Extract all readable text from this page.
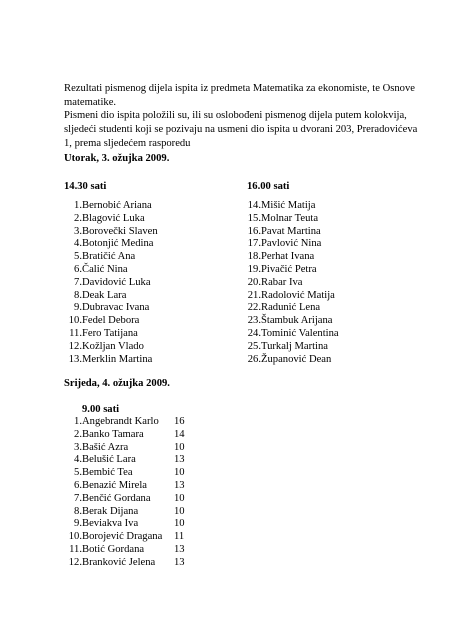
Rezultati pismenog dijela ispita iz predmeta Matematika za ekonomiste, te Osnove matematike.

Pismeni dio ispita položili su, ili su oslobođeni pismenog dijela putem kolokvija, sljedeći studenti koji se pozivaju na usmeni dio ispita u dvorani 203, Preradovićeva 1, prema sljedećem rasporedu

Utorak, 3. ožujka 2009.
14.30 sati	16.00 sati
1.Bernobić Ariana
2.Blagović Luka
3.Borovečki Slaven
4.Botonjić Medina
5.Bratičić Ana
6.Čalić Nina
7.Davidović Luka
8.Deak Lara
9.Dubravac Ivana
10.Fedel Debora
11.Fero Tatijana
12.Kožljan Vlado
13.Merklin Martina
14.Mišić Matija
15.Molnar Teuta
16.Pavat Martina
17.Pavlović Nina
18.Perhat Ivana
19.Pivačić Petra
20.Rabar Iva
21.Radolović Matija
22.Radunić Lena
23.Štambuk Arijana
24.Tominić Valentina
25.Turkalj Martina
26.Županović Dean
Srijeda, 4. ožujka 2009.
9.00 sati
1.Angebrandt Karlo 16
2.Banko Tamara	14
3.Bašić Azra	10
4.Belušić Lara	13
5.Bembić Tea	10
6.Benazić Mirela	13
7.Benčić Gordana 10
8.Berak Dijana	10
9.Beviakva Iva	10
10.Borojević Dragana 11
11.Botić Gordana	13
12.Branković Jelena 13
